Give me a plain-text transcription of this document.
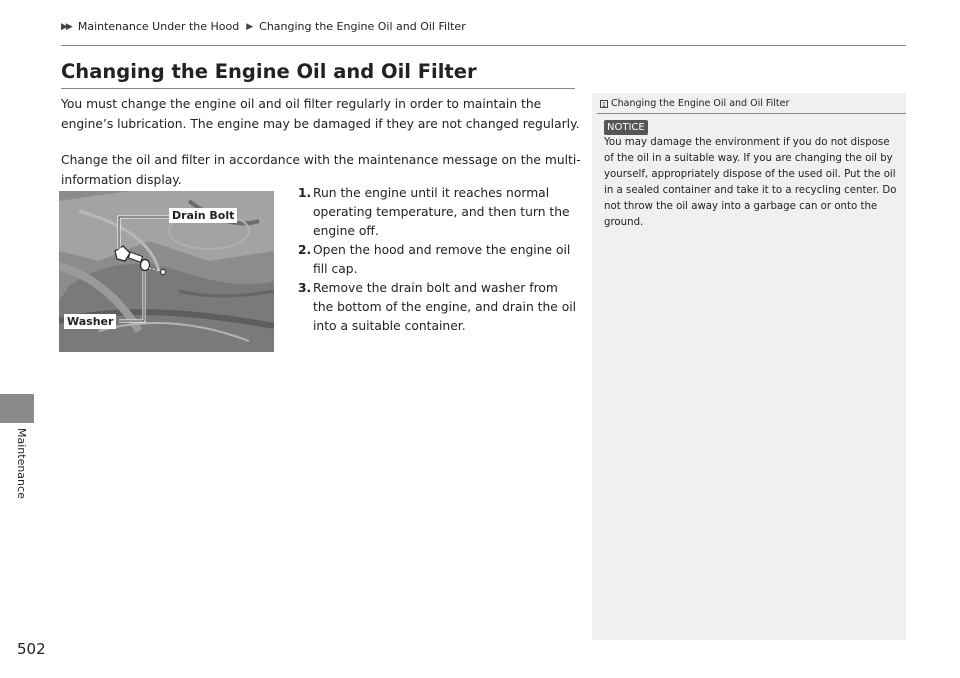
▶▶ Maintenance Under the Hood ▶ Changing the Engine Oil and Oil Filter
Maintenance
502
Changing the Engine Oil and Oil Filter

You must change the engine oil and oil filter regularly in order to maintain the engine’s lubrication. The engine may be damaged if they are not changed regularly.

Change the oil and filter in accordance with the maintenance message on the multi-information display.

Drain Bolt
Washer
1. Run the engine until it reaches normal operating temperature, and then turn the engine off.
2. Open the hood and remove the engine oil fill cap.
3. Remove the drain bolt and washer from the bottom of the engine, and drain the oil into a suitable container.
1 Changing the Engine Oil and Oil Filter
NOTICE

You may damage the environment if you do not dispose of the oil in a suitable way. If you are changing the oil by yourself, appropriately dispose of the used oil. Put the oil in a sealed container and take it to a recycling center. Do not throw the oil away into a garbage can or onto the ground.
